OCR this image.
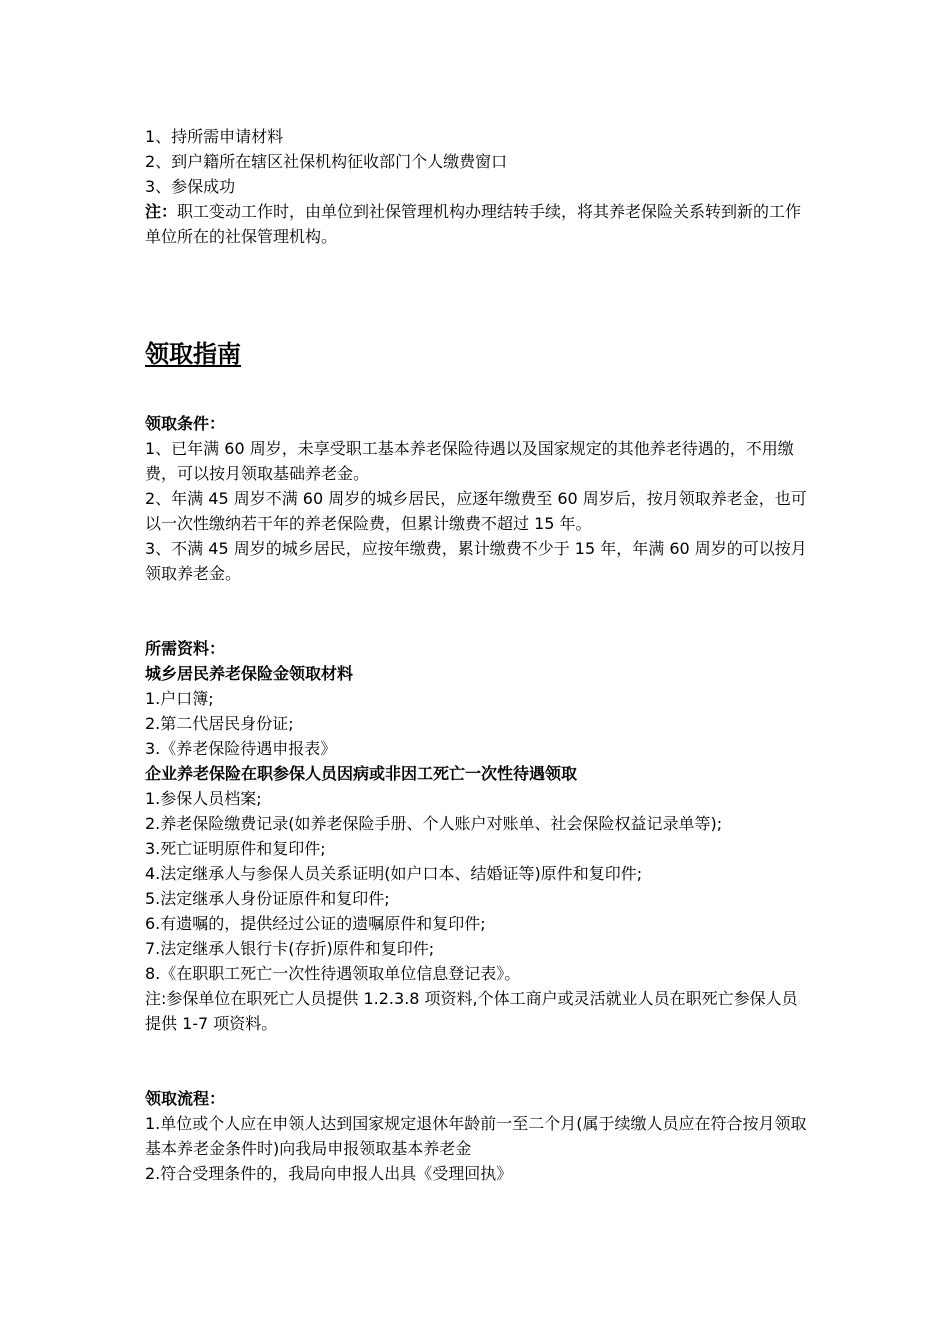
1、持所需申请材料

2、到户籍所在辖区社保机构征收部门个人缴费窗口

3、参保成功

注：职工变动工作时，由单位到社保管理机构办理结转手续，将其养老保险关系转到新的工作单位所在的社保管理机构。

领取指南

领取条件：

1、已年满 60 周岁，未享受职工基本养老保险待遇以及国家规定的其他养老待遇的，不用缴费，可以按月领取基础养老金。

2、年满 45 周岁不满 60 周岁的城乡居民，应逐年缴费至 60 周岁后，按月领取养老金，也可以一次性缴纳若干年的养老保险费，但累计缴费不超过 15 年。

3、不满 45 周岁的城乡居民，应按年缴费，累计缴费不少于 15 年，年满 60 周岁的可以按月领取养老金。

所需资料：

城乡居民养老保险金领取材料

1.户口簿;

2.第二代居民身份证;

3.《养老保险待遇申报表》

企业养老保险在职参保人员因病或非因工死亡一次性待遇领取

1.参保人员档案;

2.养老保险缴费记录(如养老保险手册、个人账户对账单、社会保险权益记录单等);

3.死亡证明原件和复印件;

4.法定继承人与参保人员关系证明(如户口本、结婚证等)原件和复印件;

5.法定继承人身份证原件和复印件;

6.有遗嘱的，提供经过公证的遗嘱原件和复印件;

7.法定继承人银行卡(存折)原件和复印件;

8.《在职职工死亡一次性待遇领取单位信息登记表》。

注:参保单位在职死亡人员提供 1.2.3.8 项资料,个体工商户或灵活就业人员在职死亡参保人员提供 1-7 项资料。

领取流程：

1.单位或个人应在申领人达到国家规定退休年龄前一至二个月(属于续缴人员应在符合按月领取基本养老金条件时)向我局申报领取基本养老金

2.符合受理条件的，我局向申报人出具《受理回执》
